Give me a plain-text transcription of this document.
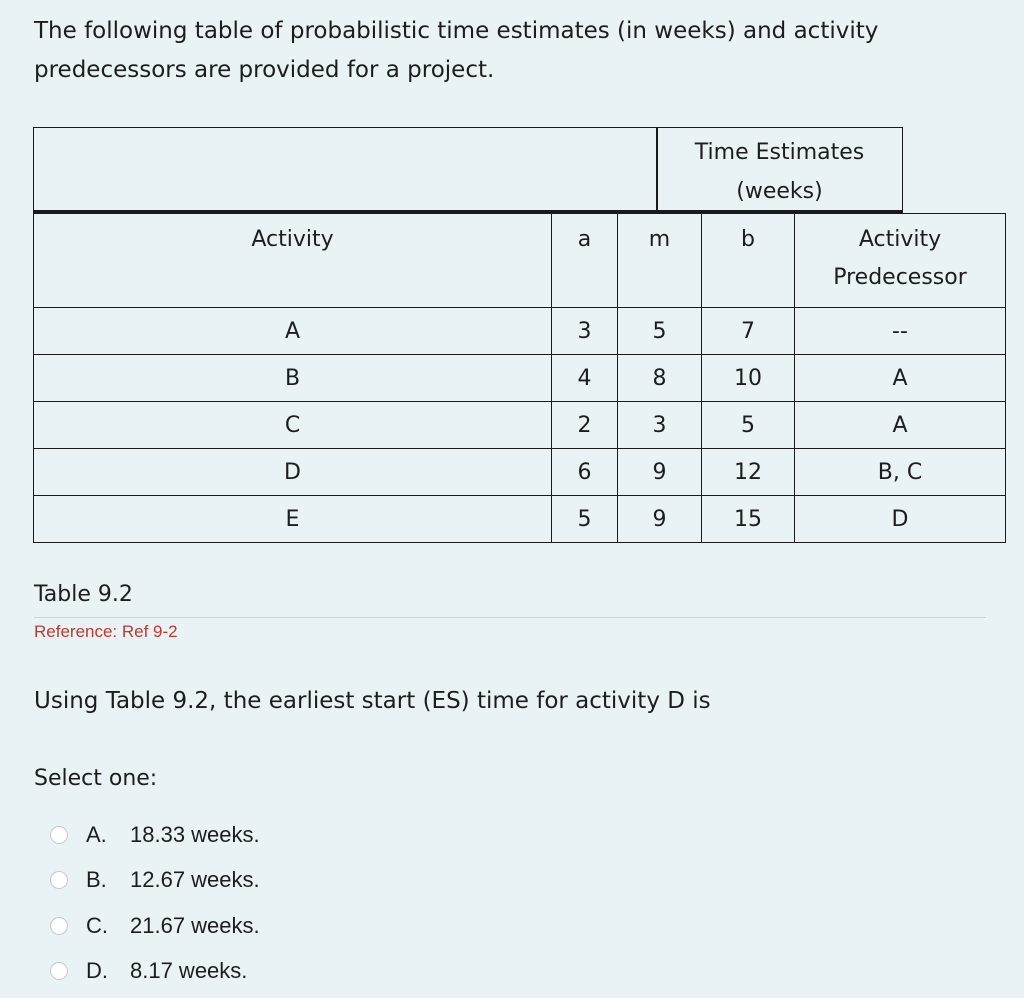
The following table of probabilistic time estimates (in weeks) and activity
predecessors are provided for a project.
Time Estimates
(weeks)
Activity	a	m	b	Activity
Predecessor

A	3	5	7	--
B	4	8	10	A
C	2	3	5	A
D	6	9	12	B, C
E	5	9	15	D
Table 9.2
Reference: Ref 9-2
Using Table 9.2, the earliest start (ES) time for activity D is
Select one:
A.	18.33 weeks.
B.	12.67 weeks.
C.	21.67 weeks.
D.	8.17 weeks.
